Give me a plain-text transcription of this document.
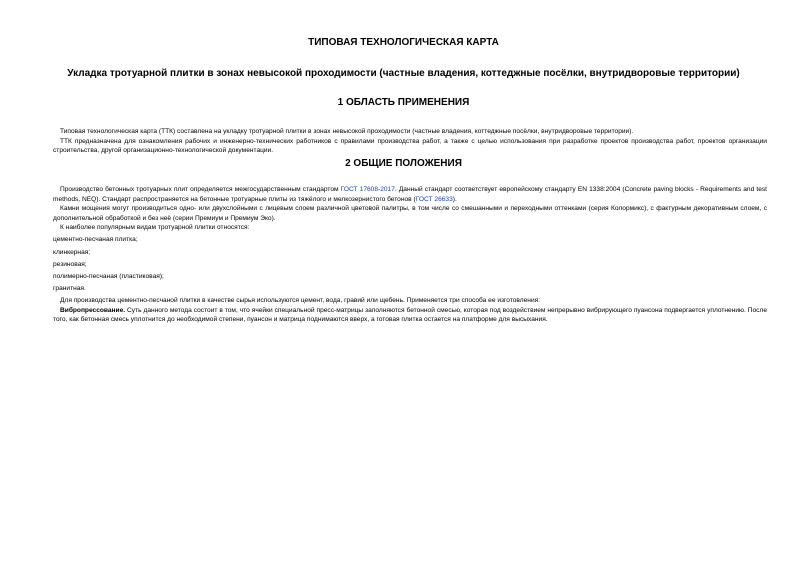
ТИПОВАЯ ТЕХНОЛОГИЧЕСКАЯ КАРТА
Укладка тротуарной плитки в зонах невысокой проходимости (частные владения, коттеджные посёлки, внутридворовые территории)
1 ОБЛАСТЬ ПРИМЕНЕНИЯ

Типовая технологическая карта (ТТК) составлена на укладку тротуарной плитки в зонах невысокой проходимости (частные владения, коттеджные посёлки, внутридворовые территории).

ТТК предназначена для ознакомления рабочих и инженерно-технических работников с правилами производства работ, а также с целью использования при разработке проектов производства работ, проектов организации строительства, другой организационно-технологической документации.

2 ОБЩИЕ ПОЛОЖЕНИЯ

Производство бетонных тротуарных плит определяется межгосударственным стандартом ГОСТ 17608-2017. Данный стандарт соответствует европейскому стандарту EN 1338:2004 (Concrete paving blocks - Requirements and test methods, NEQ). Стандарт распространяется на бетонные тротуарные плиты из тяжёлого и мелкозернистого бетонов (ГОСТ 26633).

Камни мощения могут производиться одно- или двухслойными с лицевым слоем различной цветовой палитры, в том числе со смешанными и переходными оттенками (серия Колормикс), с фактурным декоративным слоем, с дополнительной обработкой и без неё (серии Премиум и Премиум Эко).

К наиболее популярным видам тротуарной плитки относятся:

цементно-песчаная плитка;

клинкерная;

резиновая;

полимерно-песчаная (пластиковая);

гранитная.

Для производства цементно-песчаной плитки в качестве сырья используются цемент, вода, гравий или щебень. Применяется три способа ее изготовления:

Вибропрессование. Суть данного метода состоит в том, что ячейки специальной пресс-матрицы заполняются бетонной смесью, которая под воздействием непрерывно вибрирующего пуансона подвергается уплотнению. После того, как бетонная смесь уплотнится до необходимой степени, пуансон и матрица поднимаются вверх, а готовая плитка остается на платформе для высыхания.
